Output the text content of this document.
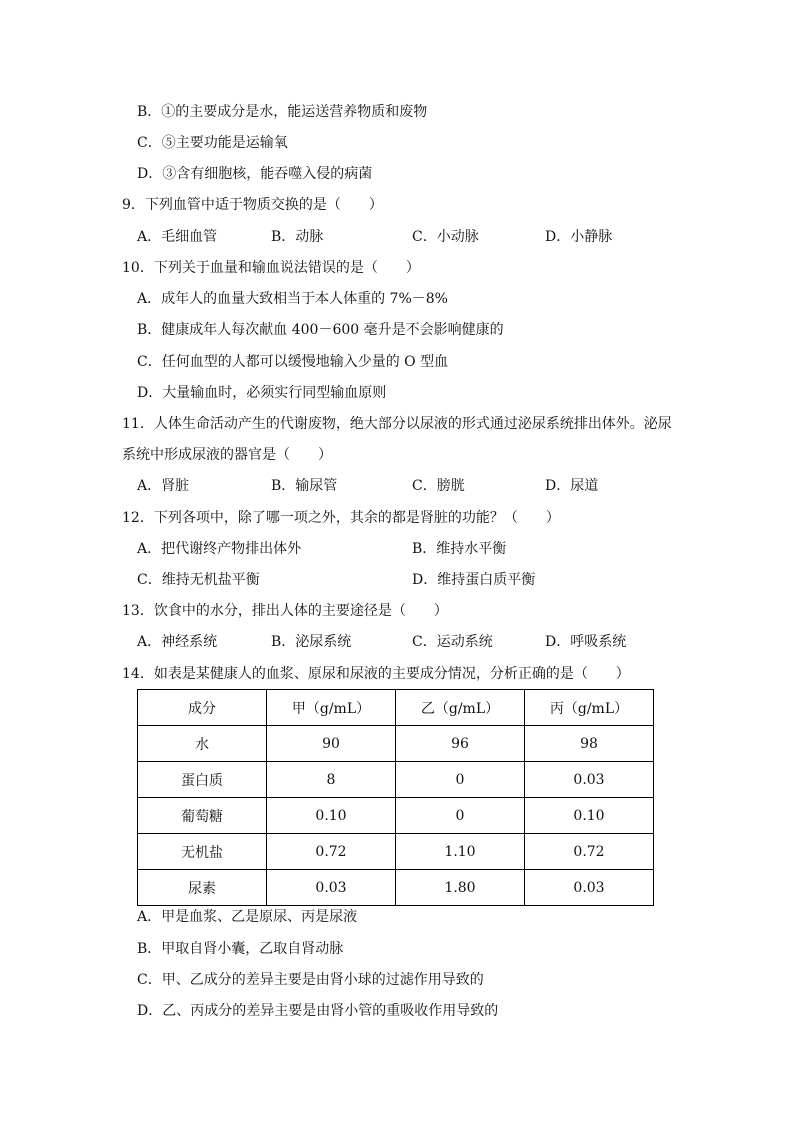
B．①的主要成分是水，能运送营养物质和废物
C．⑤主要功能是运输氧
D．③含有细胞核，能吞噬入侵的病菌
9．下列血管中适于物质交换的是（　　）
A．毛细血管	B．动脉	C．小动脉	D．小静脉
10．下列关于血量和输血说法错误的是（　　）
A．成年人的血量大致相当于本人体重的 7%－8%
B．健康成年人每次献血 400－600 毫升是不会影响健康的
C．任何血型的人都可以缓慢地输入少量的 O 型血
D．大量输血时，必须实行同型输血原则
11．人体生命活动产生的代谢废物，绝大部分以尿液的形式通过泌尿系统排出体外。泌尿
系统中形成尿液的器官是（　　）
A．肾脏	B．输尿管	C．膀胱	D．尿道
12．下列各项中，除了哪一项之外，其余的都是肾脏的功能？（　　）
A．把代谢终产物排出体外	B．维持水平衡
C．维持无机盐平衡	D．维持蛋白质平衡
13．饮食中的水分，排出人体的主要途径是（　　）
A．神经系统	B．泌尿系统	C．运动系统	D．呼吸系统
14．如表是某健康人的血浆、原尿和尿液的主要成分情况，分析正确的是（　　）
成分	甲（g/mL）	乙（g/mL）	丙（g/mL）
水	90	96	98
蛋白质	8	0	0.03
葡萄糖	0.10	0	0.10
无机盐	0.72	1.10	0.72
尿素	0.03	1.80	0.03
A．甲是血浆、乙是原尿、丙是尿液
B．甲取自肾小囊，乙取自肾动脉
C．甲、乙成分的差异主要是由肾小球的过滤作用导致的
D．乙、丙成分的差异主要是由肾小管的重吸收作用导致的
